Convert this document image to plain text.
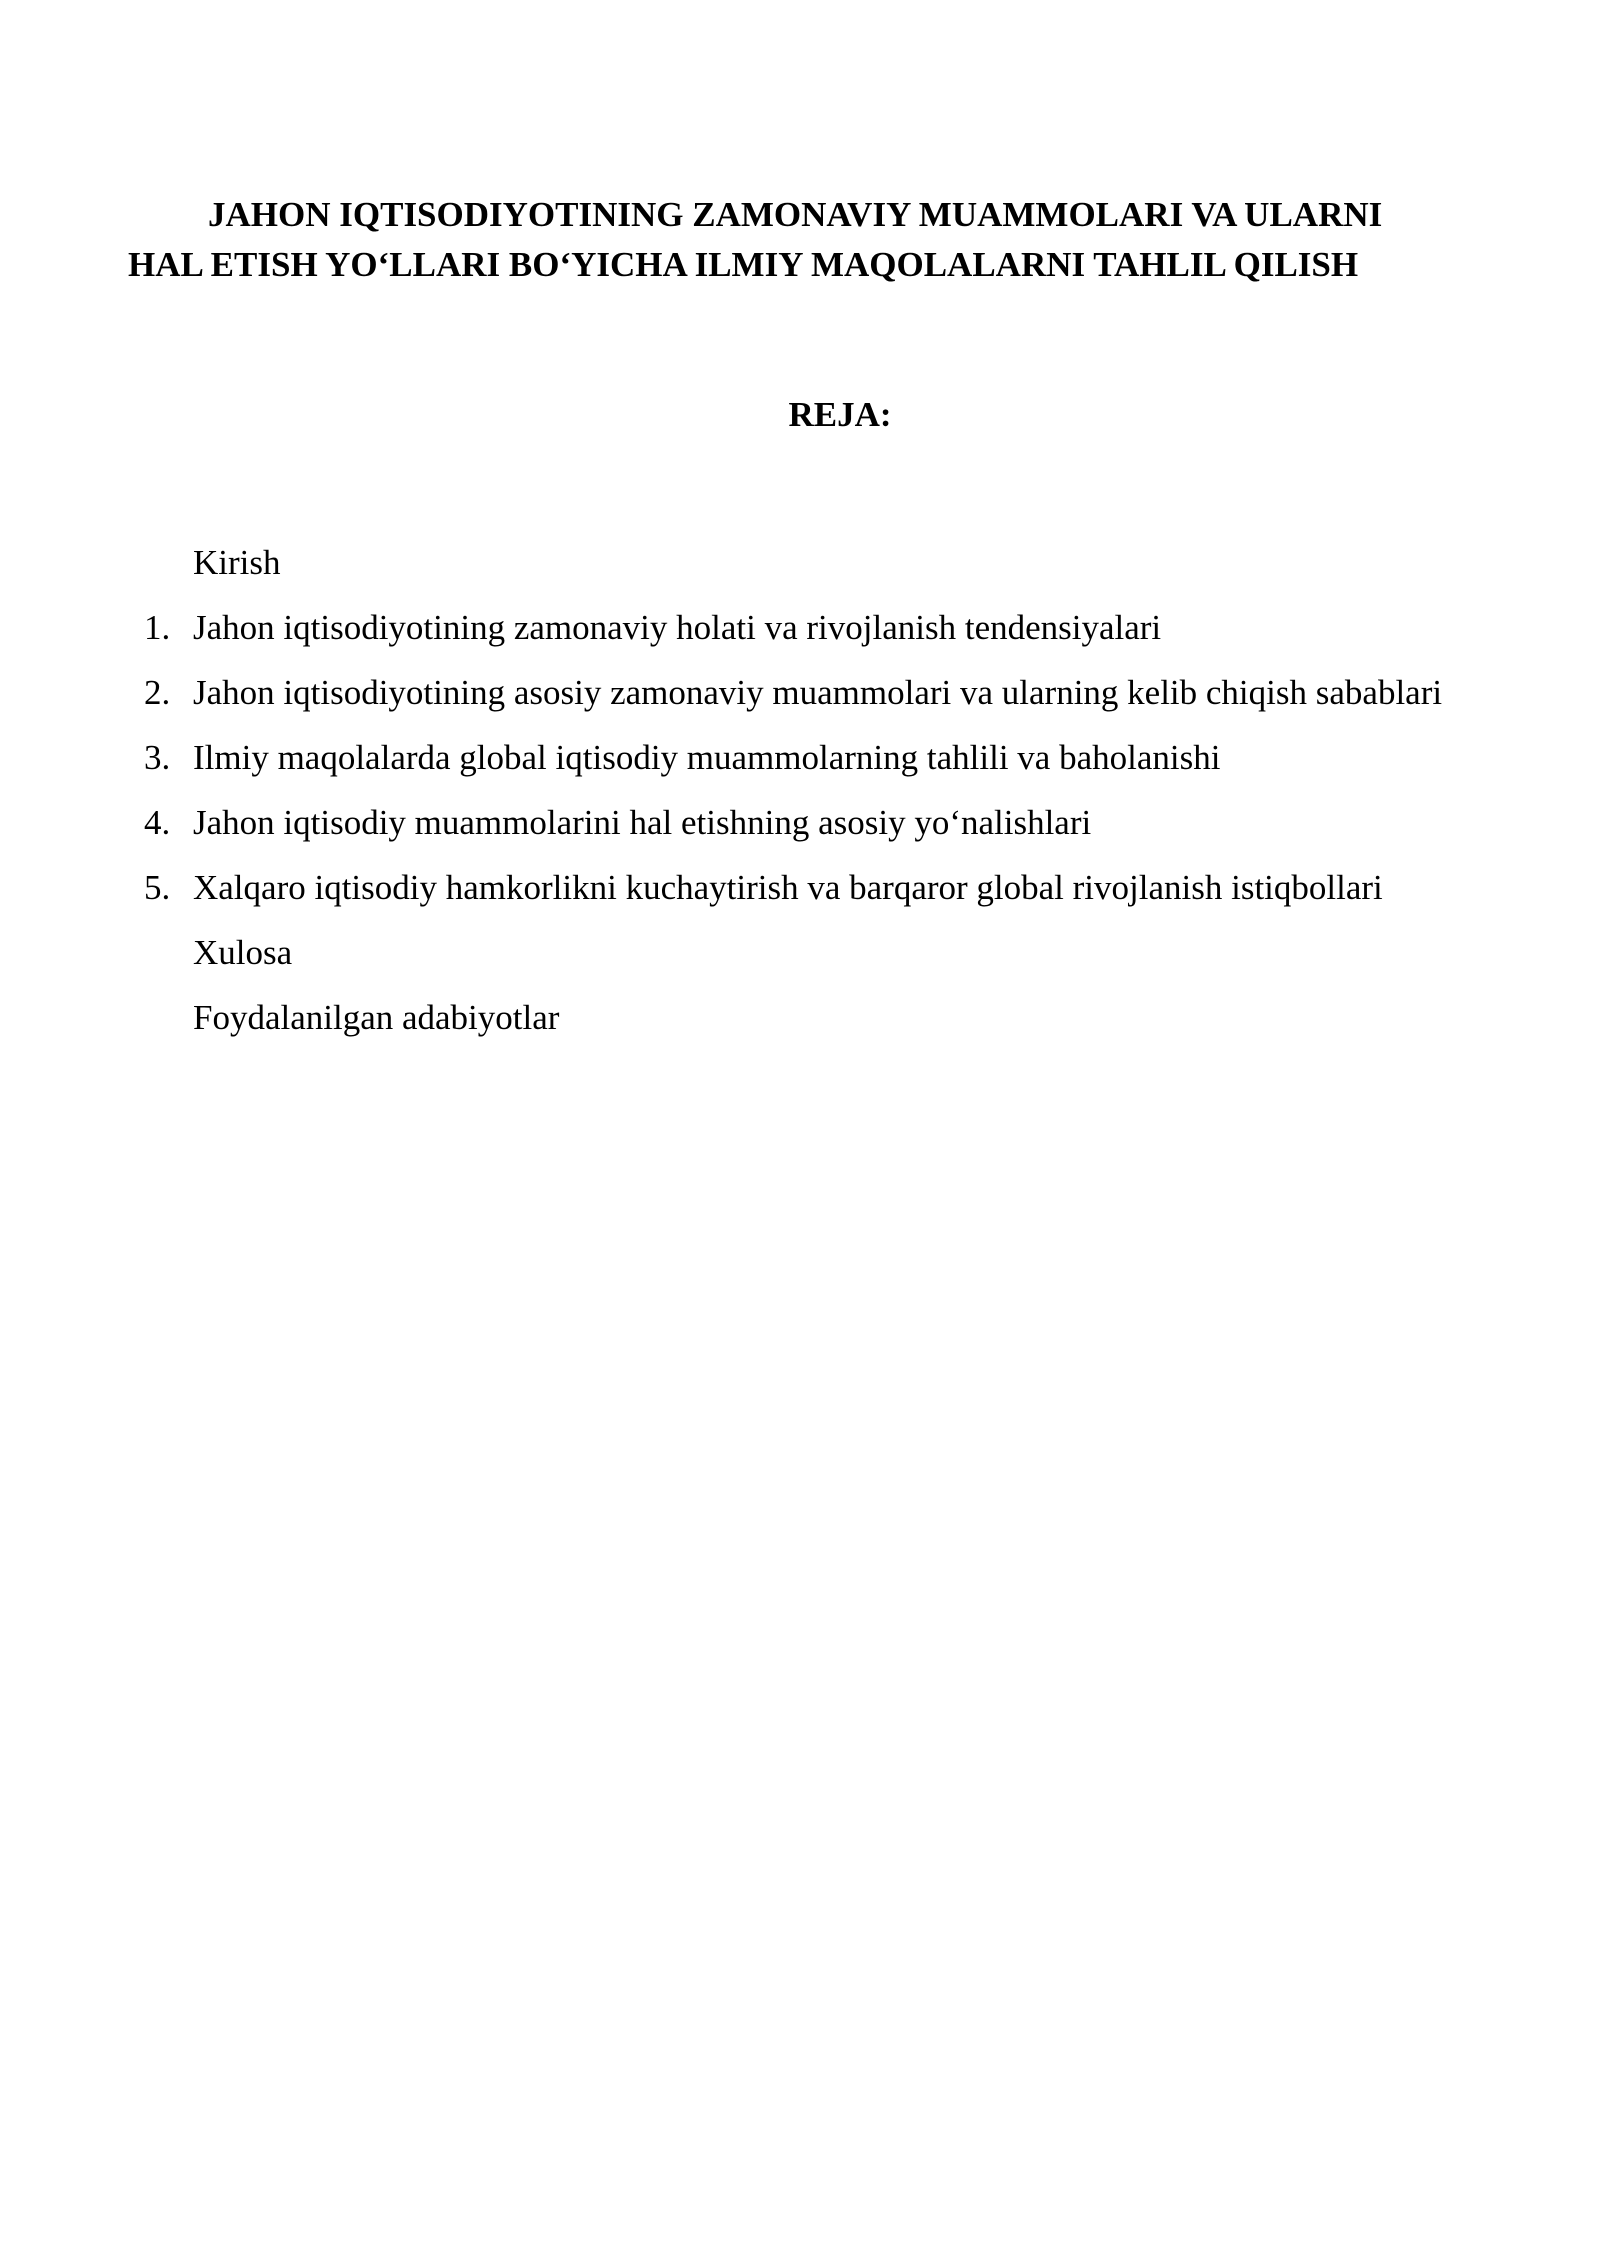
JAHON IQTISODIYOTINING ZAMONAVIY MUAMMOLARI VA ULARNI
HAL ETISH YO‘LLARI BO‘YICHA ILMIY MAQOLALARNI TAHLIL QILISH
REJA:
Kirish
1. Jahon iqtisodiyotining zamonaviy holati va rivojlanish tendensiyalari
2. Jahon iqtisodiyotining asosiy zamonaviy muammolari va ularning kelib chiqish sabablari
3. Ilmiy maqolalarda global iqtisodiy muammolarning tahlili va baholanishi
4. Jahon iqtisodiy muammolarini hal etishning asosiy yo‘nalishlari
5. Xalqaro iqtisodiy hamkorlikni kuchaytirish va barqaror global rivojlanish istiqbollari
Xulosa
Foydalanilgan adabiyotlar
